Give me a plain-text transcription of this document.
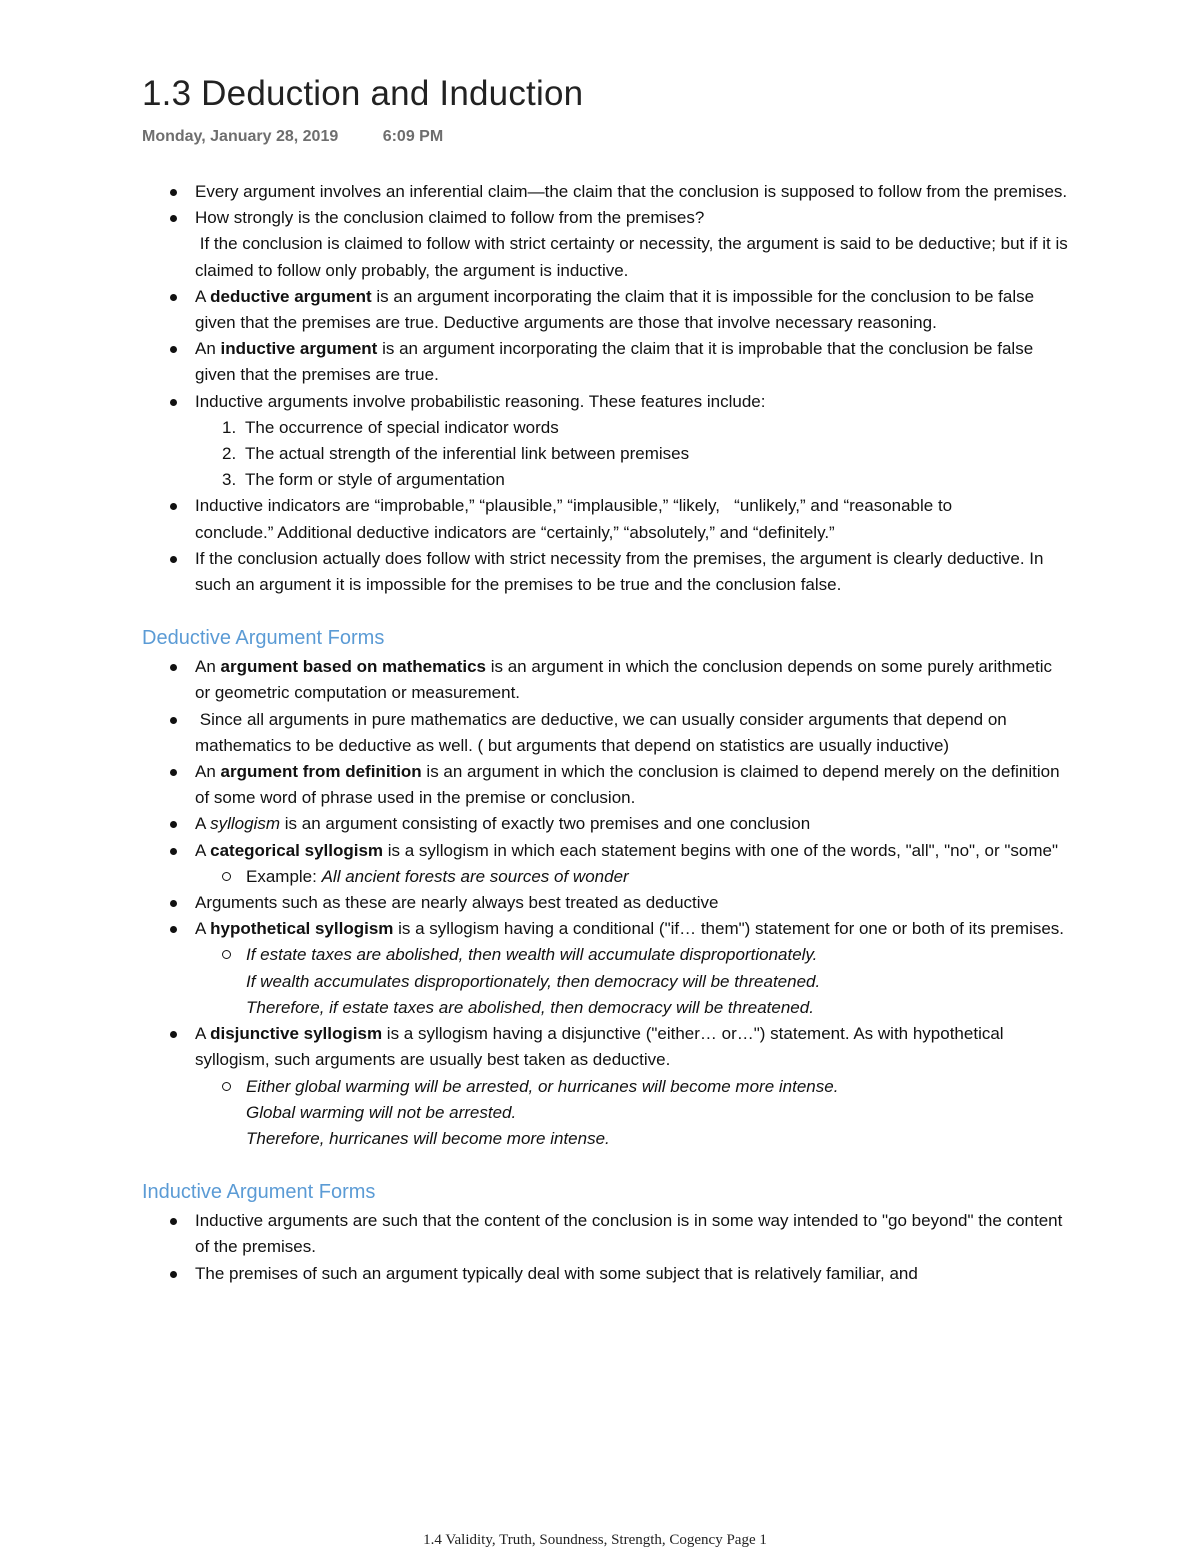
1.3 Deduction and Induction
Monday, January 28, 2019	6:09 PM
Every argument involves an inferential claim—the claim that the conclusion is supposed to follow from the premises.
How strongly is the conclusion claimed to follow from the premises?
If the conclusion is claimed to follow with strict certainty or necessity, the argument is said to be deductive; but if it is claimed to follow only probably, the argument is inductive.
A deductive argument is an argument incorporating the claim that it is impossible for the conclusion to be false given that the premises are true. Deductive arguments are those that involve necessary reasoning.
An inductive argument is an argument incorporating the claim that it is improbable that the conclusion be false given that the premises are true.
Inductive arguments involve probabilistic reasoning. These features include:
1. The occurrence of special indicator words
2. The actual strength of the inferential link between premises
3. The form or style of argumentation
Inductive indicators are “improbable,” “plausible,” “implausible,” “likely,   “unlikely,” and “reasonable to conclude.” Additional deductive indicators are “certainly,” “absolutely,” and “definitely.”
If the conclusion actually does follow with strict necessity from the premises, the argument is clearly deductive. In such an argument it is impossible for the premises to be true and the conclusion false.
Deductive Argument Forms
An argument based on mathematics is an argument in which the conclusion depends on some purely arithmetic or geometric computation or measurement.
Since all arguments in pure mathematics are deductive, we can usually consider arguments that depend on mathematics to be deductive as well. ( but arguments that depend on statistics are usually inductive)
An argument from definition is an argument in which the conclusion is claimed to depend merely on the definition of some word of phrase used in the premise or conclusion.
A syllogism is an argument consisting of exactly two premises and one conclusion
A categorical syllogism is a syllogism in which each statement begins with one of the words, "all", "no", or "some"
Example: All ancient forests are sources of wonder
Arguments such as these are nearly always best treated as deductive
A hypothetical syllogism is a syllogism having a conditional ("if… them") statement for one or both of its premises.
If estate taxes are abolished, then wealth will accumulate disproportionately.
If wealth accumulates disproportionately, then democracy will be threatened.
Therefore, if estate taxes are abolished, then democracy will be threatened.
A disjunctive syllogism is a syllogism having a disjunctive ("either… or…") statement. As with hypothetical syllogism, such arguments are usually best taken as deductive.
Either global warming will be arrested, or hurricanes will become more intense.
Global warming will not be arrested.
Therefore, hurricanes will become more intense.
Inductive Argument Forms
Inductive arguments are such that the content of the conclusion is in some way intended to "go beyond" the content of the premises.
The premises of such an argument typically deal with some subject that is relatively familiar, and
1.4 Validity, Truth, Soundness, Strength, Cogency Page 1
